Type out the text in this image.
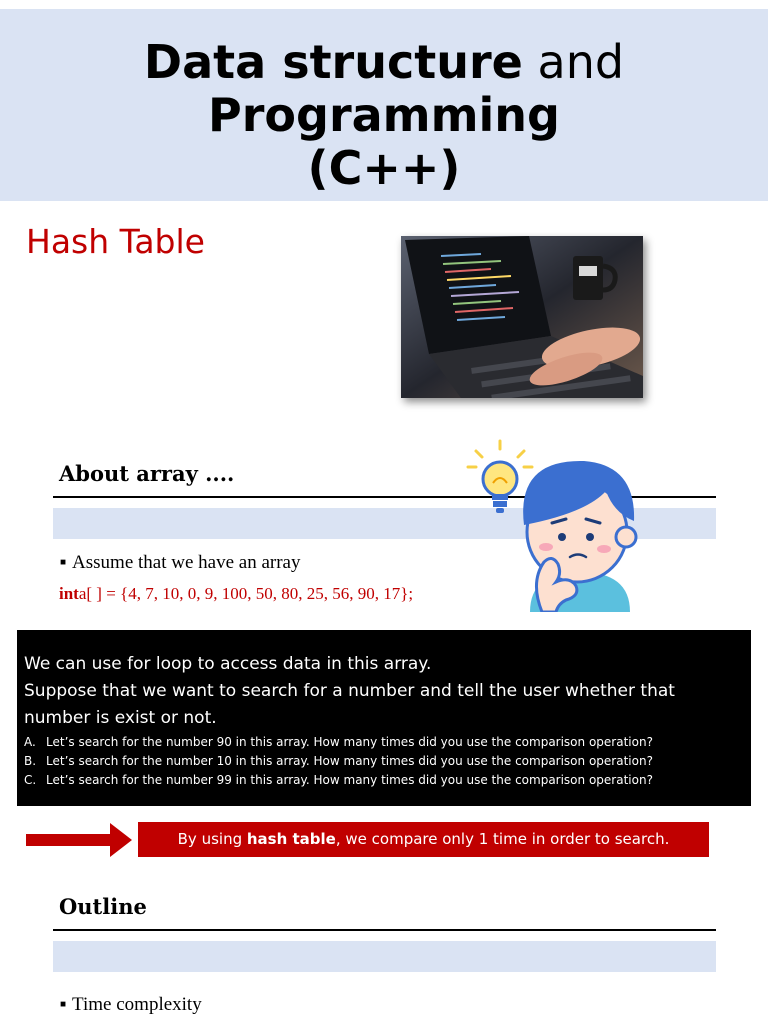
Data structure and
Programming
(C++)
Hash Table
About array ....
■ Assume that we have an array
inta[ ] = {4, 7, 10, 0, 9, 100, 50, 80, 25, 56, 90, 17};
We can use for loop to access data in this array.
Suppose that we want to search for a number and tell the user whether that number is exist or not.
A. Let’s search for the number 90 in this array. How many times did you use the comparison operation?
B. Let’s search for the number 10 in this array. How many times did you use the comparison operation?
C. Let’s search for the number 99 in this array. How many times did you use the comparison operation?
By using hash table, we compare only 1 time in order to search.
Outline
■ Time complexity
